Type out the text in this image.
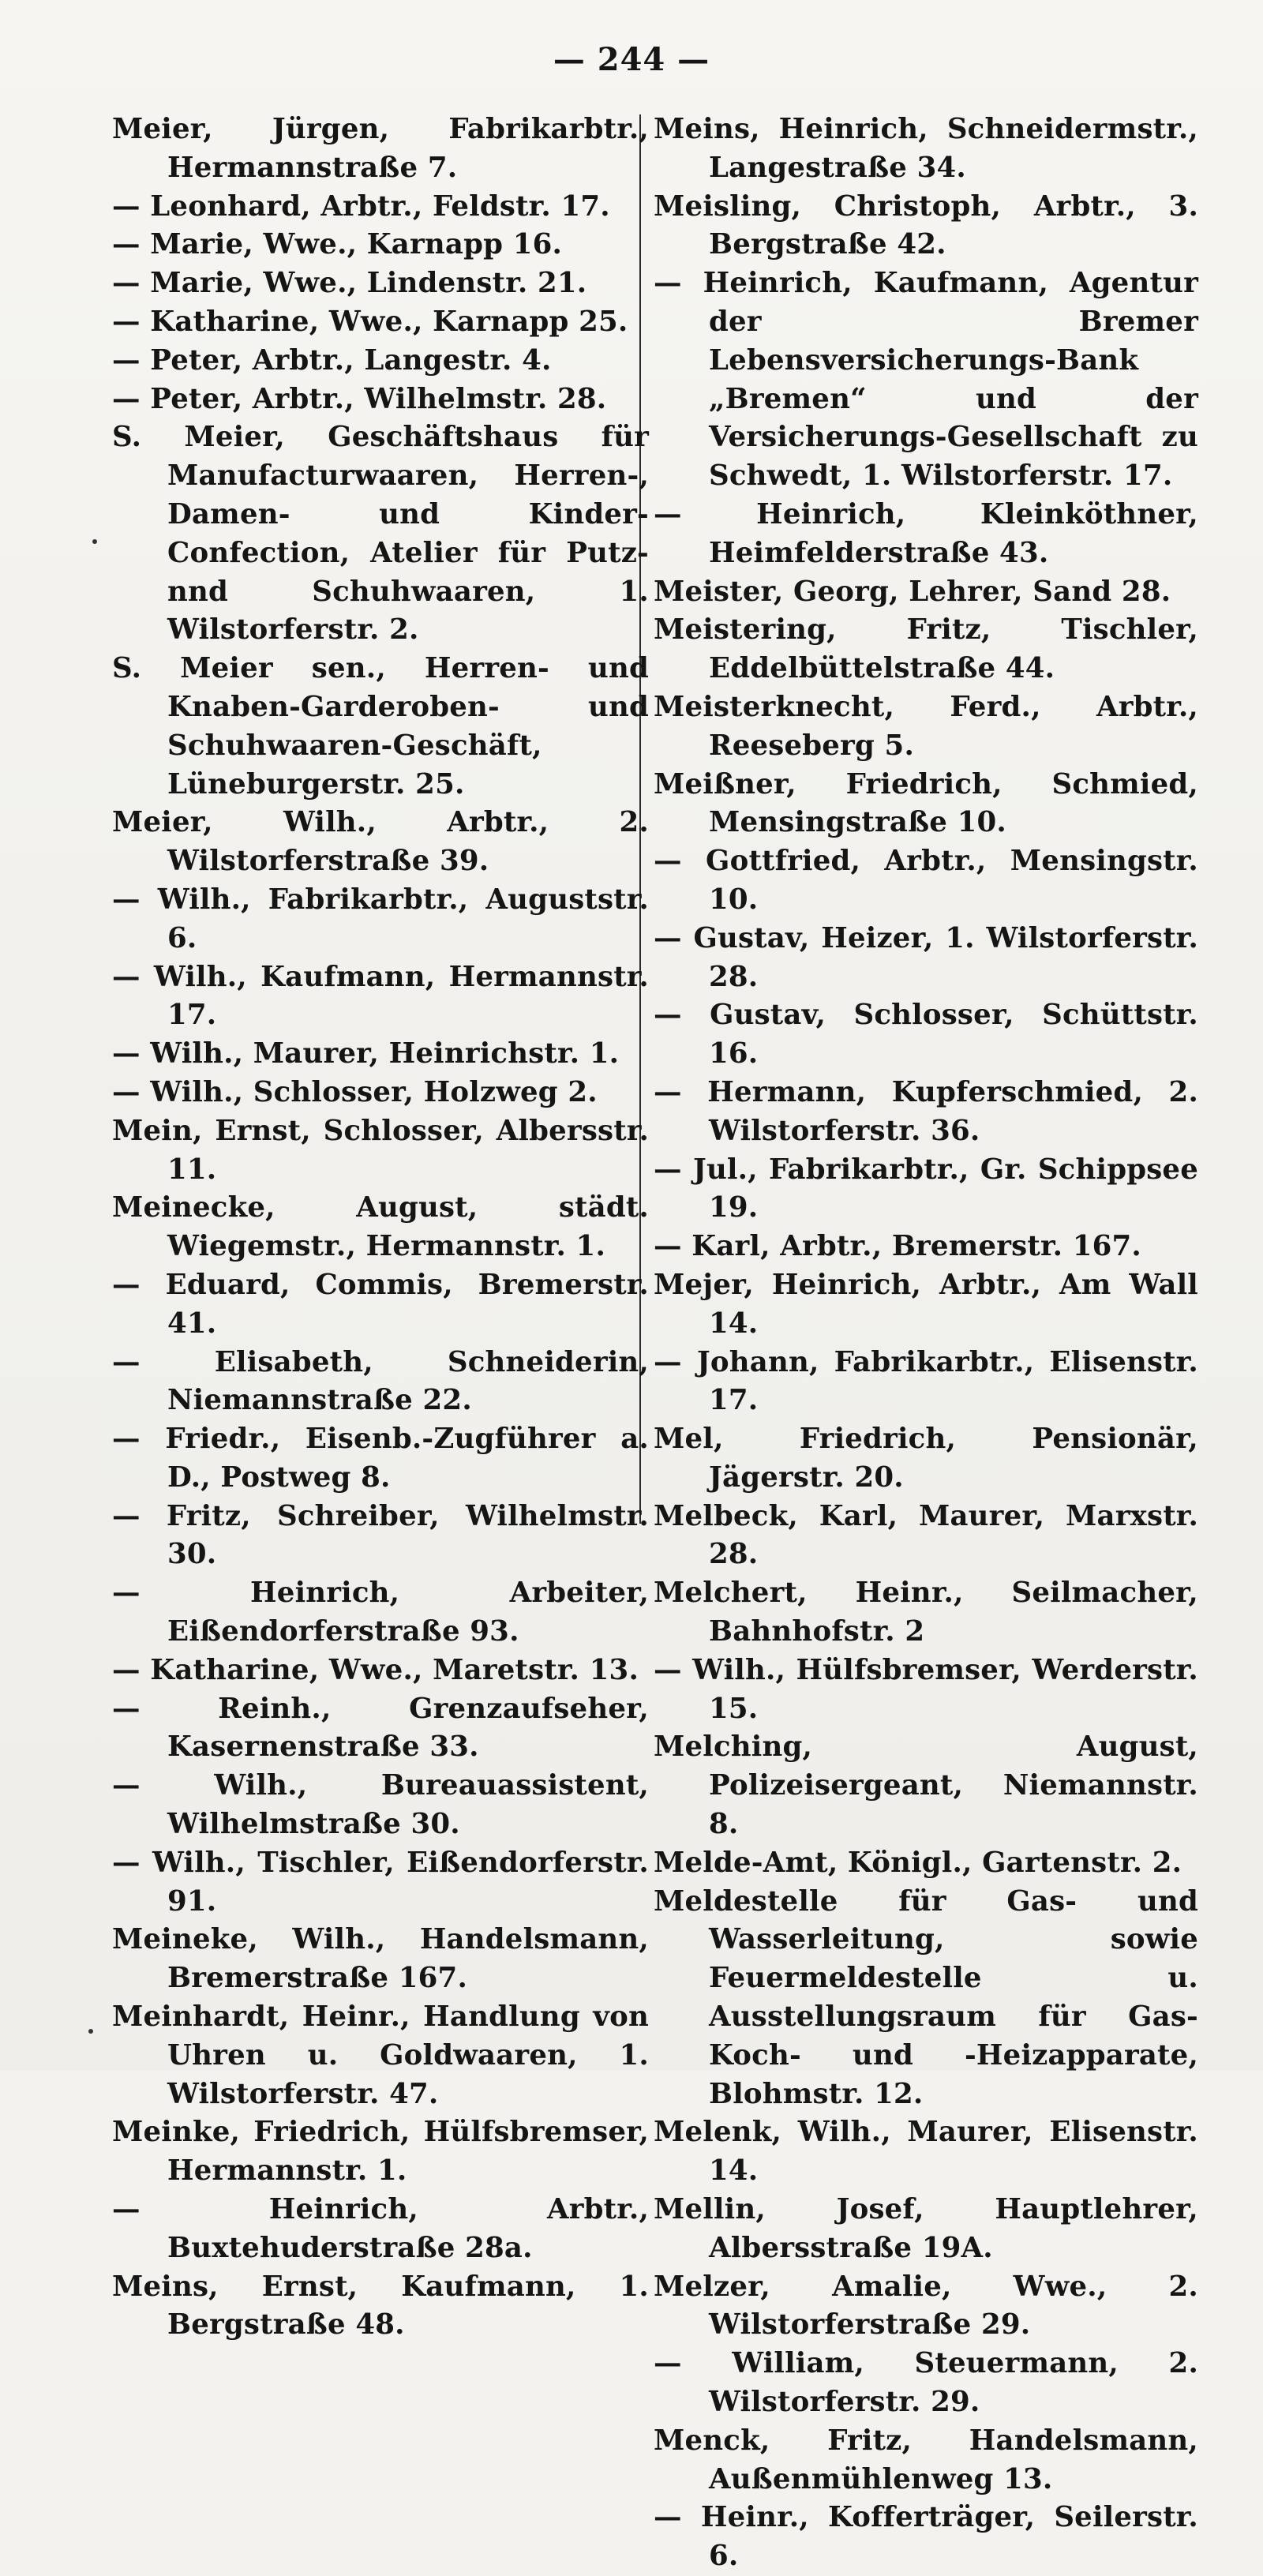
— 244 —

Meier, Jürgen, Fabrikarbtr., Hermannstraße 7.

— Leonhard, Arbtr., Feldstr. 17.

— Marie, Wwe., Karnapp 16.

— Marie, Wwe., Lindenstr. 21.

— Katharine, Wwe., Karnapp 25.

— Peter, Arbtr., Langestr. 4.

— Peter, Arbtr., Wilhelmstr. 28.

S. Meier, Geschäftshaus für Manufacturwaaren, Herren-, Damen- und Kinder-Confection, Atelier für Putz- nnd Schuhwaaren, 1. Wilstorferstr. 2.

S. Meier sen., Herren- und Knaben-Garderoben- und Schuhwaaren-Geschäft, Lüneburgerstr. 25.

Meier, Wilh., Arbtr., 2. Wilstorferstraße 39.

— Wilh., Fabrikarbtr., Auguststr. 6.

— Wilh., Kaufmann, Hermannstr. 17.

— Wilh., Maurer, Heinrichstr. 1.

— Wilh., Schlosser, Holzweg 2.

Mein, Ernst, Schlosser, Albersstr. 11.

Meinecke, August, städt. Wiegemstr., Hermannstr. 1.

— Eduard, Commis, Bremerstr. 41.

— Elisabeth, Schneiderin, Niemannstraße 22.

— Friedr., Eisenb.-Zugführer a. D., Postweg 8.

— Fritz, Schreiber, Wilhelmstr. 30.

— Heinrich, Arbeiter, Eißendorferstraße 93.

— Katharine, Wwe., Maretstr. 13.

— Reinh., Grenzaufseher, Kasernenstraße 33.

— Wilh., Bureauassistent, Wilhelmstraße 30.

— Wilh., Tischler, Eißendorferstr. 91.

Meineke, Wilh., Handelsmann, Bremerstraße 167.

Meinhardt, Heinr., Handlung von Uhren u. Goldwaaren, 1. Wilstorferstr. 47.

Meinke, Friedrich, Hülfsbremser, Hermannstr. 1.

— Heinrich, Arbtr., Buxtehuderstraße 28a.

Meins, Ernst, Kaufmann, 1. Bergstraße 48.

Meins, Heinrich, Schneidermstr., Langestraße 34.

Meisling, Christoph, Arbtr., 3. Bergstraße 42.

— Heinrich, Kaufmann, Agentur der Bremer Lebensversicherungs-Bank „Bremen“ und der Versicherungs-Gesellschaft zu Schwedt, 1. Wilstorferstr. 17.

— Heinrich, Kleinköthner, Heimfelderstraße 43.

Meister, Georg, Lehrer, Sand 28.

Meistering, Fritz, Tischler, Eddelbüttelstraße 44.

Meisterknecht, Ferd., Arbtr., Reeseberg 5.

Meißner, Friedrich, Schmied, Mensingstraße 10.

— Gottfried, Arbtr., Mensingstr. 10.

— Gustav, Heizer, 1. Wilstorferstr. 28.

— Gustav, Schlosser, Schüttstr. 16.

— Hermann, Kupferschmied, 2. Wilstorferstr. 36.

— Jul., Fabrikarbtr., Gr. Schippsee 19.

— Karl, Arbtr., Bremerstr. 167.

Mejer, Heinrich, Arbtr., Am Wall 14.

— Johann, Fabrikarbtr., Elisenstr. 17.

Mel, Friedrich, Pensionär, Jägerstr. 20.

Melbeck, Karl, Maurer, Marxstr. 28.

Melchert, Heinr., Seilmacher, Bahnhofstr. 2

— Wilh., Hülfsbremser, Werderstr. 15.

Melching, August, Polizeisergeant, Niemannstr. 8.

Melde-Amt, Königl., Gartenstr. 2.

Meldestelle für Gas- und Wasserleitung, sowie Feuermeldestelle u. Ausstellungsraum für Gas-Koch- und -Heizapparate, Blohmstr. 12.

Melenk, Wilh., Maurer, Elisenstr. 14.

Mellin, Josef, Hauptlehrer, Albersstraße 19A.

Melzer, Amalie, Wwe., 2. Wilstorferstraße 29.

— William, Steuermann, 2. Wilstorferstr. 29.

Menck, Fritz, Handelsmann, Außenmühlenweg 13.

— Heinr., Kofferträger, Seilerstr. 6.
